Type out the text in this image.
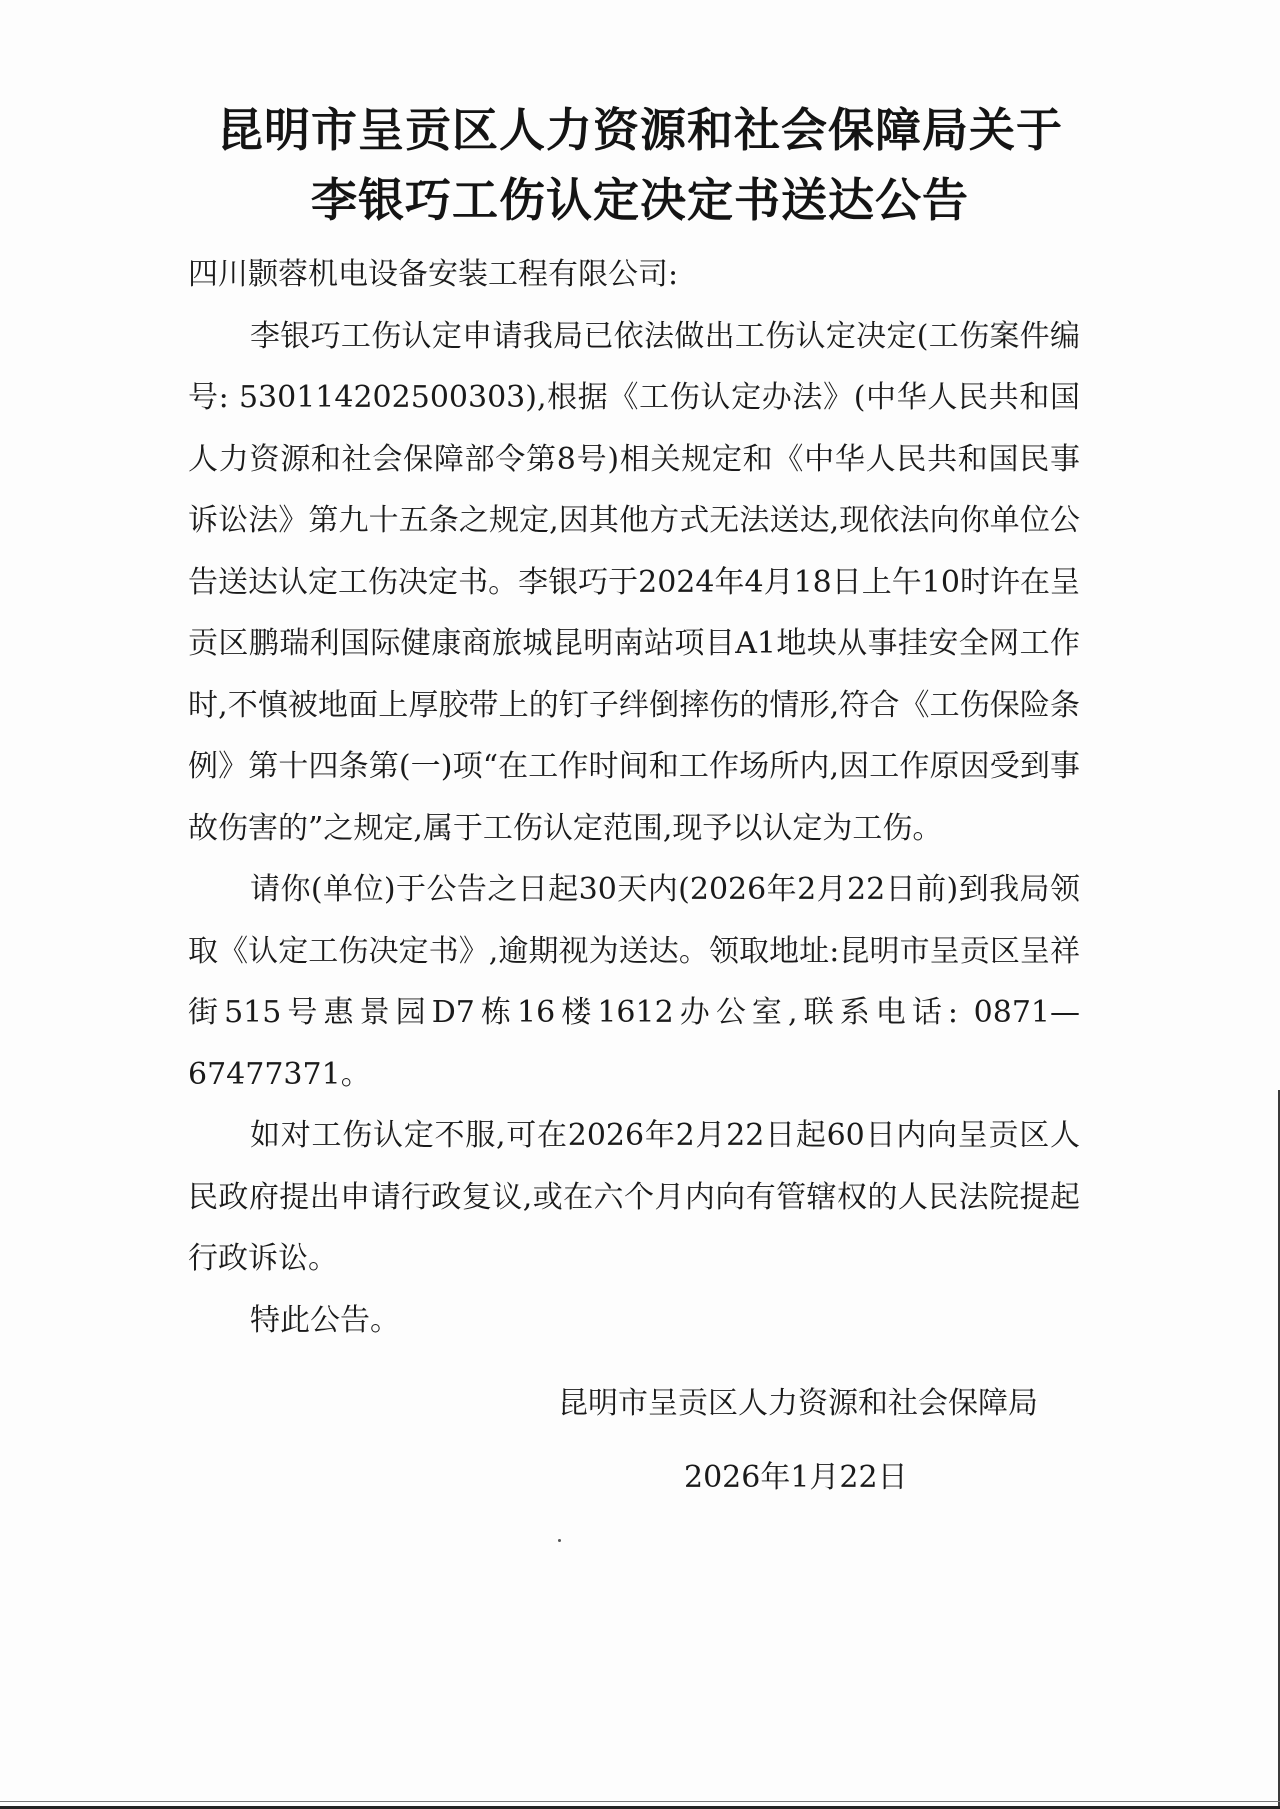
昆明市呈贡区人力资源和社会保障局关于
李银巧工伤认定决定书送达公告

四川颢蓉机电设备安装工程有限公司:

李银巧工伤认定申请我局已依法做出工伤认定决定(工伤案件编号: 530114202500303),根据《工伤认定办法》(中华人民共和国人力资源和社会保障部令第8号)相关规定和《中华人民共和国民事诉讼法》第九十五条之规定,因其他方式无法送达,现依法向你单位公告送达认定工伤决定书。李银巧于2024年4月18日上午10时许在呈贡区鹏瑞利国际健康商旅城昆明南站项目A1地块从事挂安全网工作时,不慎被地面上厚胶带上的钉子绊倒摔伤的情形,符合《工伤保险条例》第十四条第(一)项“在工作时间和工作场所内,因工作原因受到事故伤害的”之规定,属于工伤认定范围,现予以认定为工伤。

请你(单位)于公告之日起30天内(2026年2月22日前)到我局领取《认定工伤决定书》,逾期视为送达。领取地址:昆明市呈贡区呈祥街515号惠景园D7栋16楼1612办公室,联系电话: 0871—67477371。

如对工伤认定不服,可在2026年2月22日起60日内向呈贡区人民政府提出申请行政复议,或在六个月内向有管辖权的人民法院提起行政诉讼。

特此公告。

昆明市呈贡区人力资源和社会保障局
2026年1月22日
